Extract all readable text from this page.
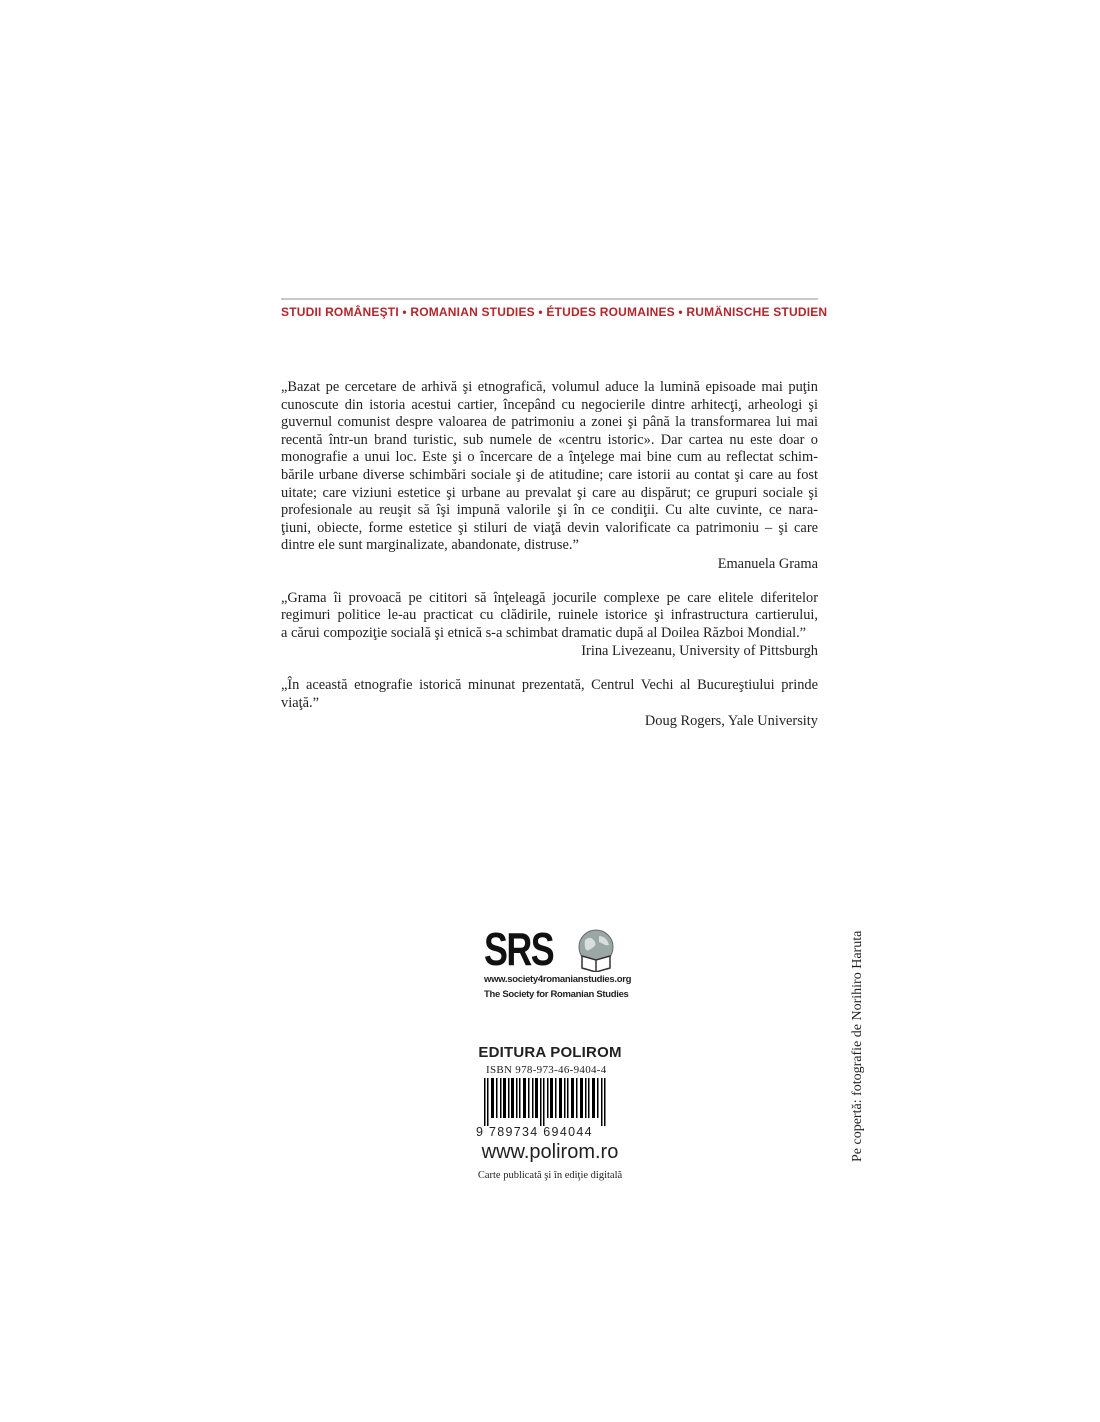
STUDII ROMÂNEŞTI • ROMANIAN STUDIES • ÉTUDES ROUMAINES • RUMÄNISCHE STUDIEN
„Bazat pe cercetare de arhivă şi etnografică, volumul aduce la lumină episoade mai puţin
cunoscute din istoria acestui cartier, începând cu negocierile dintre arhitecţi, arheologi şi
guvernul comunist despre valoarea de patrimoniu a zonei şi până la transformarea lui mai
recentă într-un brand turistic, sub numele de «centru istoric». Dar cartea nu este doar o
monografie a unui loc. Este şi o încercare de a înţelege mai bine cum au reflectat schim-
bările urbane diverse schimbări sociale şi de atitudine; care istorii au contat şi care au fost
uitate; care viziuni estetice şi urbane au prevalat şi care au dispărut; ce grupuri sociale şi
profesionale au reuşit să îşi impună valorile şi în ce condiţii. Cu alte cuvinte, ce nara-
ţiuni, obiecte, forme estetice şi stiluri de viaţă devin valorificate ca patrimoniu – şi care
dintre ele sunt marginalizate, abandonate, distruse.”
Emanuela Grama
„Grama îi provoacă pe cititori să înţeleagă jocurile complexe pe care elitele diferitelor
regimuri politice le-au practicat cu clădirile, ruinele istorice şi infrastructura cartierului,
a cărui compoziţie socială şi etnică s-a schimbat dramatic după al Doilea Război Mondial.”
Irina Livezeanu, University of Pittsburgh
„În această etnografie istorică minunat prezentată, Centrul Vechi al Bucureştiului prinde
viaţă.”
Doug Rogers, Yale University
SRS
www.society4romanianstudies.org
The Society for Romanian Studies
EDITURA POLIROM
ISBN 978-973-46-9404-4
9 789734 694044
www.polirom.ro
Carte publicată şi în ediţie digitală
Pe copertă: fotografie de Norihiro Haruta
